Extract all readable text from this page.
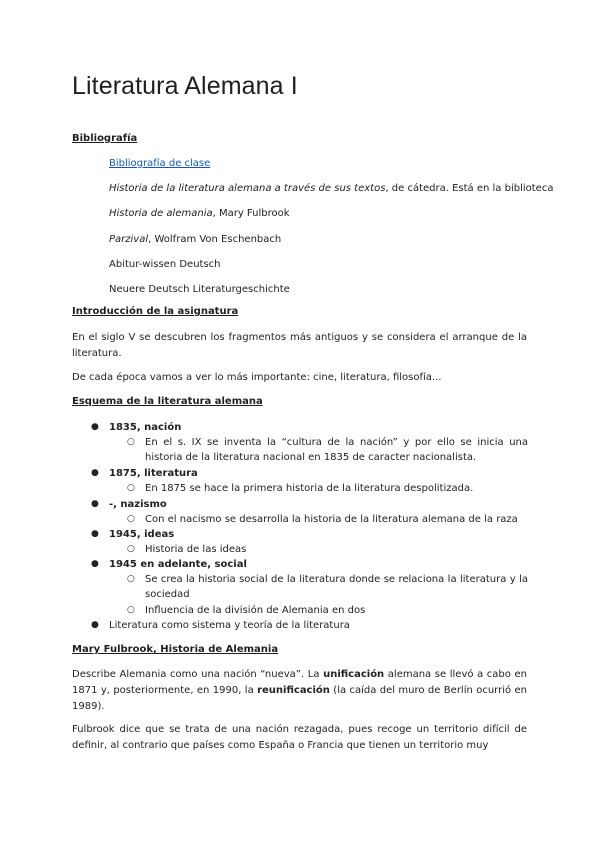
Literatura Alemana I
Bibliografía
Bibliografía de clase
Historia de la literatura alemana a través de sus textos, de cátedra. Está en la biblioteca
Historia de alemania, Mary Fulbrook
Parzival, Wolfram Von Eschenbach
Abitur-wissen Deutsch
Neuere Deutsch Literaturgeschichte
Introducción de la asignatura
En el siglo V se descubren los fragmentos más antiguos y se considera el arranque de la literatura.
De cada época vamos a ver lo más importante: cine, literatura, filosofía...
Esquema de la literatura alemana
● 1835, nación
○ En el s. IX se inventa la “cultura de la nación” y por ello se inicia una historia de la literatura nacional en 1835 de caracter nacionalista.
● 1875, literatura
○ En 1875 se hace la primera historia de la literatura despolitizada.
● -, nazismo
○ Con el nacismo se desarrolla la historia de la literatura alemana de la raza
● 1945, ideas
○ Historia de las ideas
● 1945 en adelante, social
○ Se crea la historia social de la literatura donde se relaciona la literatura y la sociedad
○ Influencia de la división de Alemania en dos
● Literatura como sistema y teoría de la literatura
Mary Fulbrook, Historia de Alemania
Describe Alemania como una nación “nueva”. La unificación alemana se llevó a cabo en 1871 y, posteriormente, en 1990, la reunificación (la caída del muro de Berlín ocurrió en 1989).
Fulbrook dice que se trata de una nación rezagada, pues recoge un territorio difícil de definir, al contrario que países como España o Francia que tienen un territorio muy
